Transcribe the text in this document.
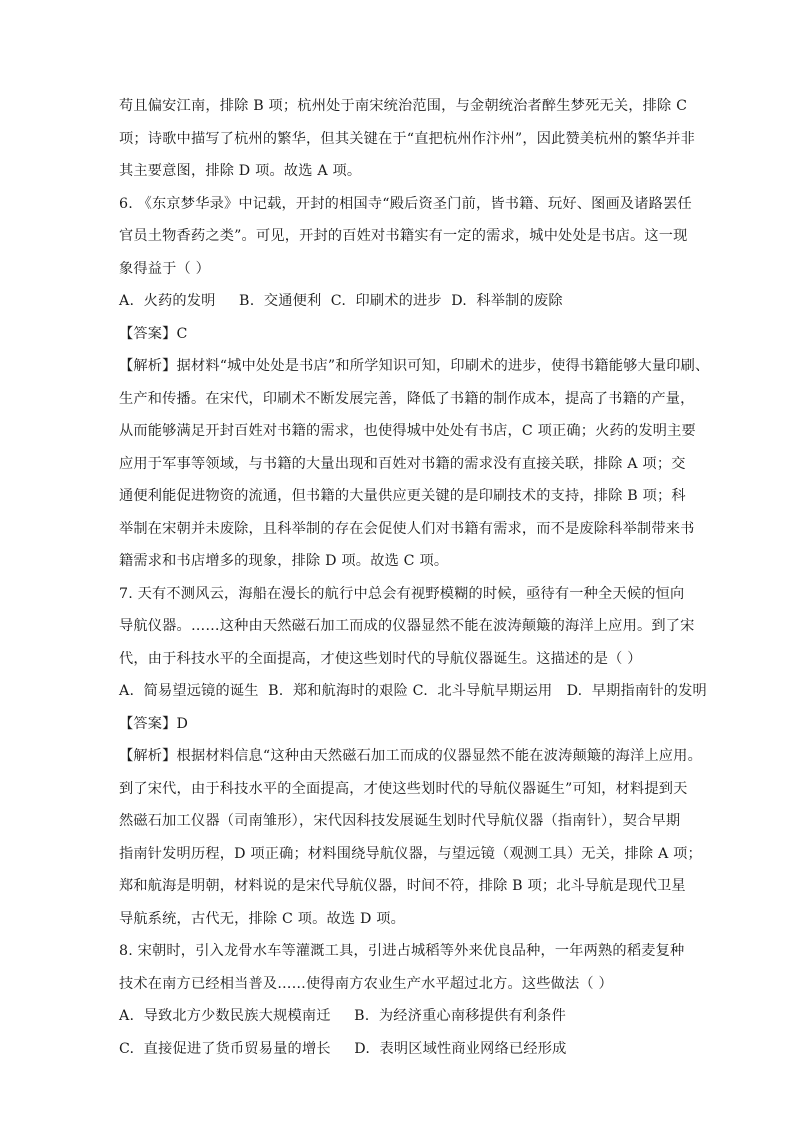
苟且偏安江南，排除 B 项；杭州处于南宋统治范围，与金朝统治者醉生梦死无关，排除 C
项；诗歌中描写了杭州的繁华，但其关键在于“直把杭州作汴州”，因此赞美杭州的繁华并非
其主要意图，排除 D 项。故选 A 项。
6. 《东京梦华录》中记载，开封的相国寺“殿后资圣门前，皆书籍、玩好、图画及诸路罢任
官员土物香药之类”。可见，开封的百姓对书籍实有一定的需求，城中处处是书店。这一现
象得益于（ ）
A.  火药的发明     B.  交通便利  C.  印刷术的进步  D.  科举制的废除
【答案】C
【解析】据材料“城中处处是书店”和所学知识可知，印刷术的进步，使得书籍能够大量印刷、
生产和传播。在宋代，印刷术不断发展完善，降低了书籍的制作成本，提高了书籍的产量，
从而能够满足开封百姓对书籍的需求，也使得城中处处有书店，C 项正确；火药的发明主要
应用于军事等领域，与书籍的大量出现和百姓对书籍的需求没有直接关联，排除 A 项；交
通便利能促进物资的流通，但书籍的大量供应更关键的是印刷技术的支持，排除 B 项；科
举制在宋朝并未废除，且科举制的存在会促使人们对书籍有需求，而不是废除科举制带来书
籍需求和书店增多的现象，排除 D 项。故选 C 项。
7. 天有不测风云，海船在漫长的航行中总会有视野模糊的时候，亟待有一种全天候的恒向
导航仪器。……这种由天然磁石加工而成的仪器显然不能在波涛颠簸的海洋上应用。到了宋
代，由于科技水平的全面提高，才使这些划时代的导航仪器诞生。这描述的是（ ）
A.  简易望远镜的诞生  B.  郑和航海时的艰险 C.  北斗导航早期运用   D.  早期指南针的发明
【答案】D
【解析】根据材料信息“这种由天然磁石加工而成的仪器显然不能在波涛颠簸的海洋上应用。
到了宋代，由于科技水平的全面提高，才使这些划时代的导航仪器诞生”可知，材料提到天
然磁石加工仪器（司南雏形），宋代因科技发展诞生划时代导航仪器（指南针），契合早期
指南针发明历程，D 项正确；材料围绕导航仪器，与望远镜（观测工具）无关，排除 A 项；
郑和航海是明朝，材料说的是宋代导航仪器，时间不符，排除 B 项；北斗导航是现代卫星
导航系统，古代无，排除 C 项。故选 D 项。
8. 宋朝时，引入龙骨水车等灌溉工具，引进占城稻等外来优良品种，一年两熟的稻麦复种
技术在南方已经相当普及……使得南方农业生产水平超过北方。这些做法（ ）
A.  导致北方少数民族大规模南迁     B.  为经济重心南移提供有利条件
C.  直接促进了货币贸易量的增长     D.  表明区域性商业网络已经形成
